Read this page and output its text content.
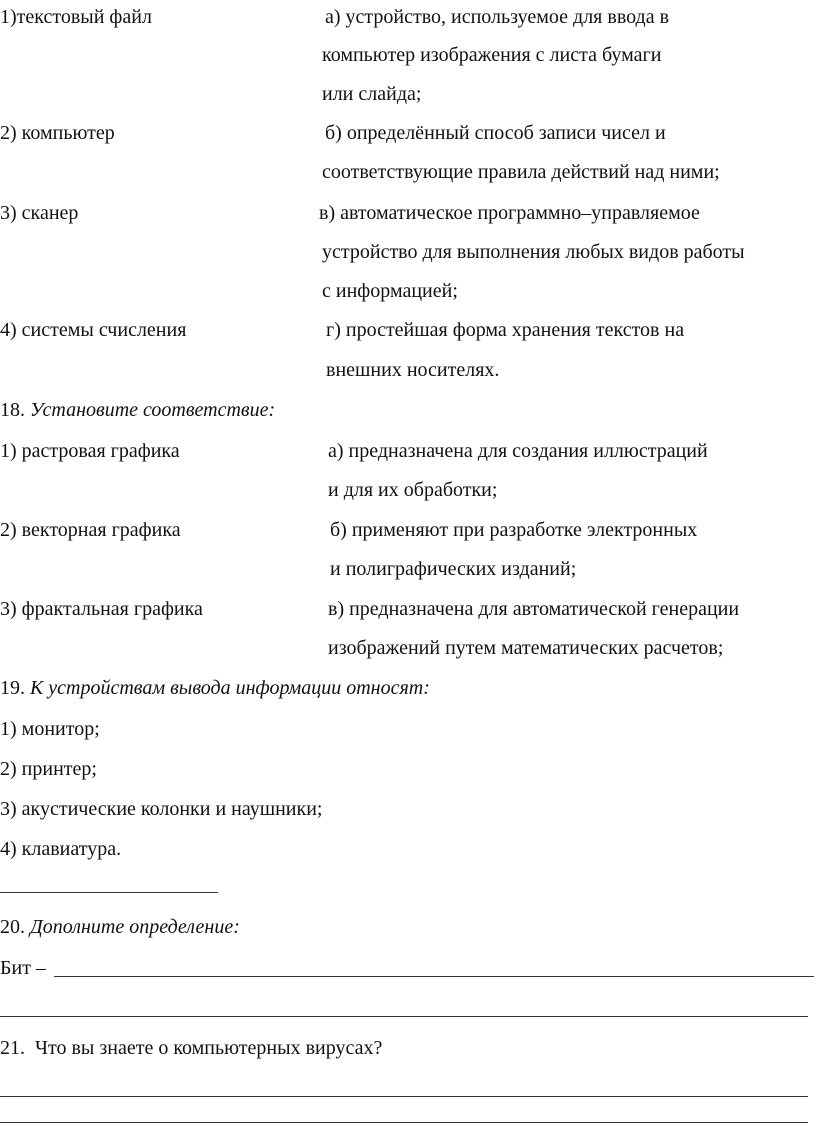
1)текстовый файл	а) устройство, используемое для ввода в
компьютер изображения с листа бумаги
или слайда;
2) компьютер	б) определённый способ записи чисел и
соответствующие правила действий над ними;
3) сканер	в) автоматическое программно–управляемое
устройство для выполнения любых видов работы
с информацией;
4) системы счисления	г) простейшая форма хранения текстов на
внешних носителях.
18. Установите соответствие:
1) растровая графика	а) предназначена для создания иллюстраций
и для их обработки;
2) векторная графика	б) применяют при разработке электронных
и полиграфических изданий;
3) фрактальная графика	в) предназначена для автоматической генерации
изображений путем математических расчетов;
19. К устройствам вывода информации относят:
1) монитор;
2) принтер;
3) акустические колонки и наушники;
4) клавиатура.
20. Дополните определение:
Бит –
21. Что вы знаете о компьютерных вирусах?
